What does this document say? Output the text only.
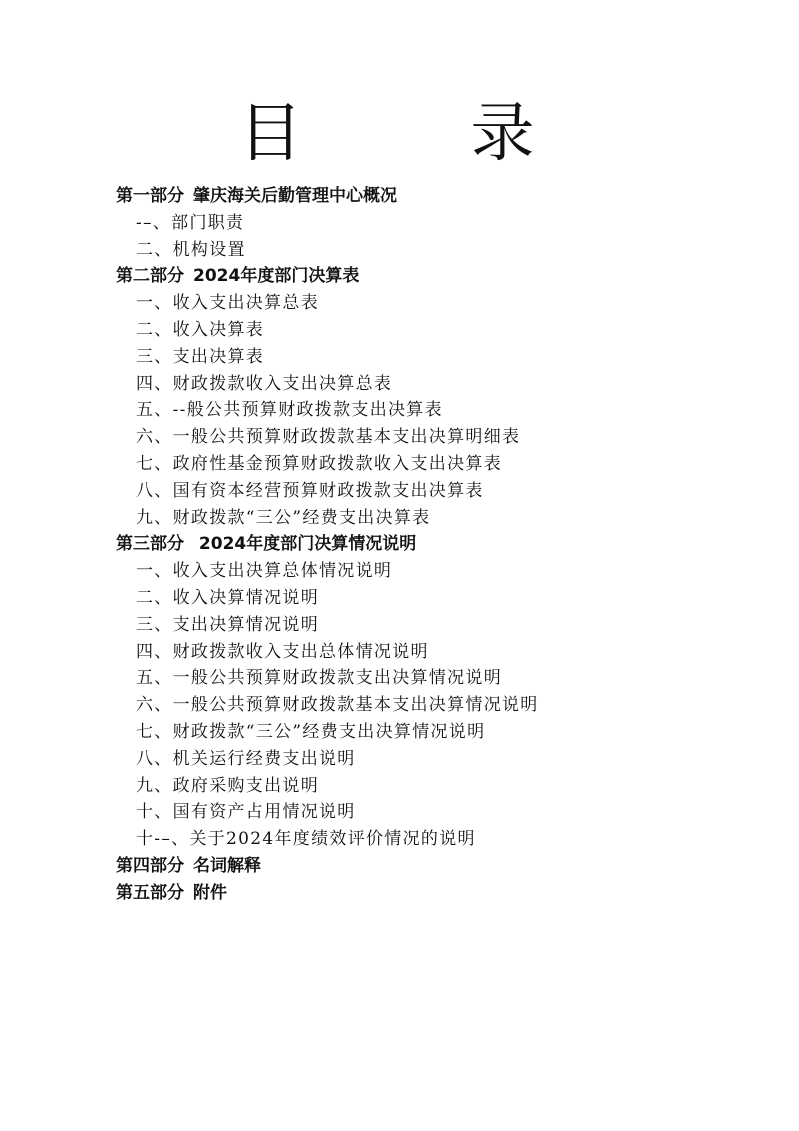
目　录
第一部分 肇庆海关后勤管理中心概况
-–、部门职责
二、机构设置
第二部分 2024年度部门决算表
一、收入支出决算总表
二、收入决算表
三、支出决算表
四、财政拨款收入支出决算总表
五、--般公共预算财政拨款支出决算表
六、一般公共预算财政拨款基本支出决算明细表
七、政府性基金预算财政拨款收入支出决算表
八、国有资本经营预算财政拨款支出决算表
九、财政拨款“三公”经费支出决算表
第三部分 2024年度部门决算情况说明
一、收入支出决算总体情况说明
二、收入决算情况说明
三、支出决算情况说明
四、财政拨款收入支出总体情况说明
五、一般公共预算财政拨款支出决算情况说明
六、一般公共预算财政拨款基本支出决算情况说明
七、财政拨款“三公”经费支出决算情况说明
八、机关运行经费支出说明
九、政府采购支出说明
十、国有资产占用情况说明
十-–、关于2024年度绩效评价情况的说明
第四部分 名词解释
第五部分 附件
